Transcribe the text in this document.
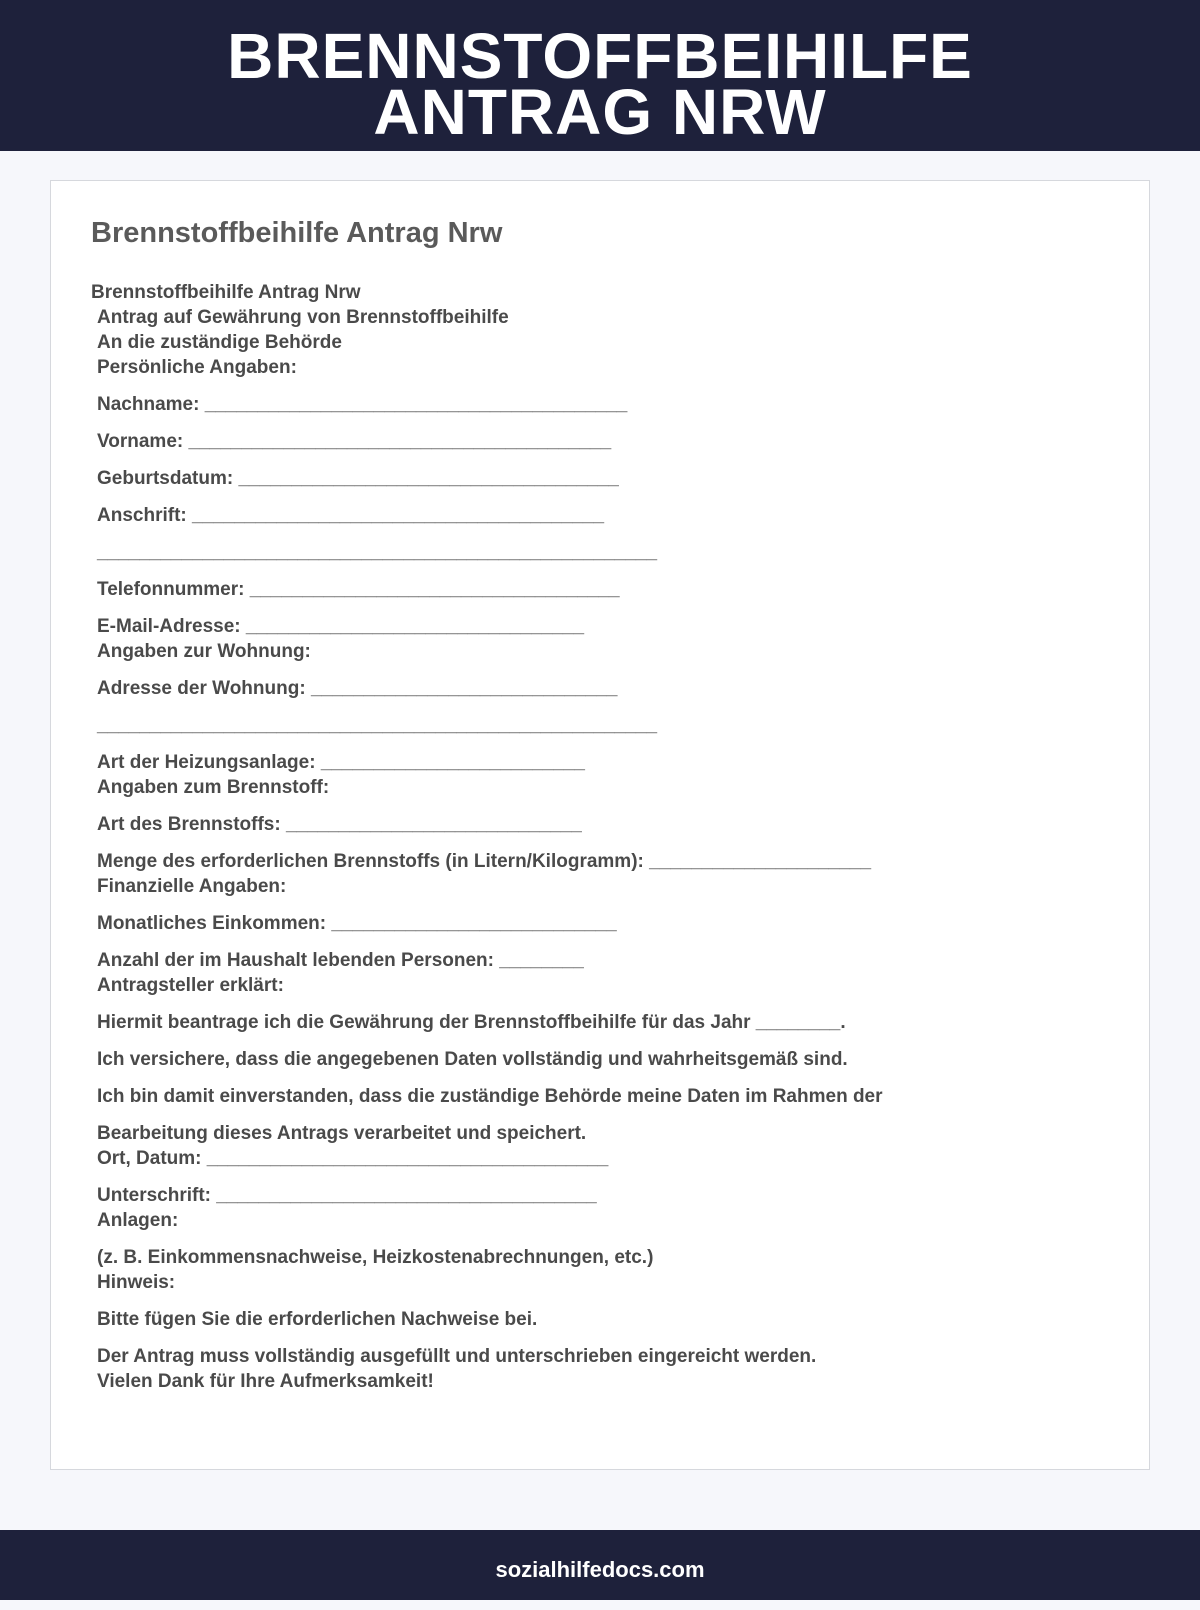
BRENNSTOFFBEIHILFE
ANTRAG NRW
Brennstoffbeihilfe Antrag Nrw

Brennstoffbeihilfe Antrag Nrw

Antrag auf Gewährung von Brennstoffbeihilfe

An die zuständige Behörde

Persönliche Angaben:

Nachname: ________________________________________

Vorname: ________________________________________

Geburtsdatum: ____________________________________

Anschrift: _______________________________________

_____________________________________________________

Telefonnummer: ___________________________________

E-Mail-Adresse: ________________________________

Angaben zur Wohnung:

Adresse der Wohnung: _____________________________

_____________________________________________________

Art der Heizungsanlage: _________________________

Angaben zum Brennstoff:

Art des Brennstoffs: ____________________________

Menge des erforderlichen Brennstoffs (in Litern/Kilogramm): _____________________

Finanzielle Angaben:

Monatliches Einkommen: ___________________________

Anzahl der im Haushalt lebenden Personen: ________

Antragsteller erklärt:

Hiermit beantrage ich die Gewährung der Brennstoffbeihilfe für das Jahr ________.

Ich versichere, dass die angegebenen Daten vollständig und wahrheitsgemäß sind.

Ich bin damit einverstanden, dass die zuständige Behörde meine Daten im Rahmen der

Bearbeitung dieses Antrags verarbeitet und speichert.

Ort, Datum: ______________________________________

Unterschrift: ____________________________________

Anlagen:

(z. B. Einkommensnachweise, Heizkostenabrechnungen, etc.)

Hinweis:

Bitte fügen Sie die erforderlichen Nachweise bei.

Der Antrag muss vollständig ausgefüllt und unterschrieben eingereicht werden.

Vielen Dank für Ihre Aufmerksamkeit!

sozialhilfedocs.com
